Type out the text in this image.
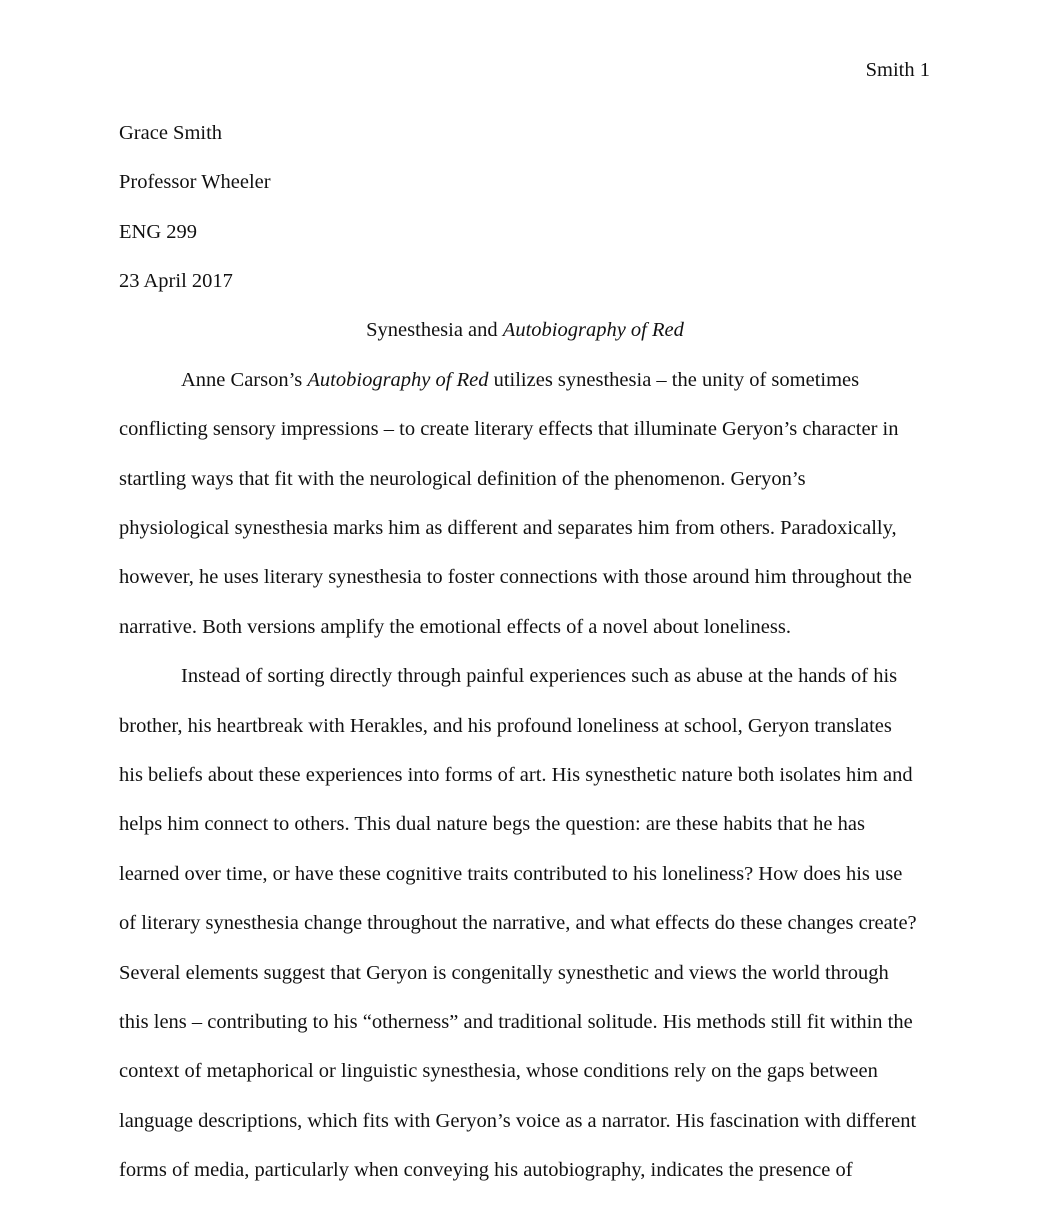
Smith 1
Grace Smith
Professor Wheeler
ENG 299
23 April 2017
Synesthesia and Autobiography of Red
Anne Carson’s Autobiography of Red utilizes synesthesia – the unity of sometimes
conflicting sensory impressions – to create literary effects that illuminate Geryon’s character in
startling ways that fit with the neurological definition of the phenomenon. Geryon’s
physiological synesthesia marks him as different and separates him from others. Paradoxically,
however, he uses literary synesthesia to foster connections with those around him throughout the
narrative. Both versions amplify the emotional effects of a novel about loneliness.
Instead of sorting directly through painful experiences such as abuse at the hands of his
brother, his heartbreak with Herakles, and his profound loneliness at school, Geryon translates
his beliefs about these experiences into forms of art. His synesthetic nature both isolates him and
helps him connect to others. This dual nature begs the question: are these habits that he has
learned over time, or have these cognitive traits contributed to his loneliness? How does his use
of literary synesthesia change throughout the narrative, and what effects do these changes create?
Several elements suggest that Geryon is congenitally synesthetic and views the world through
this lens – contributing to his “otherness” and traditional solitude. His methods still fit within the
context of metaphorical or linguistic synesthesia, whose conditions rely on the gaps between
language descriptions, which fits with Geryon’s voice as a narrator. His fascination with different
forms of media, particularly when conveying his autobiography, indicates the presence of
